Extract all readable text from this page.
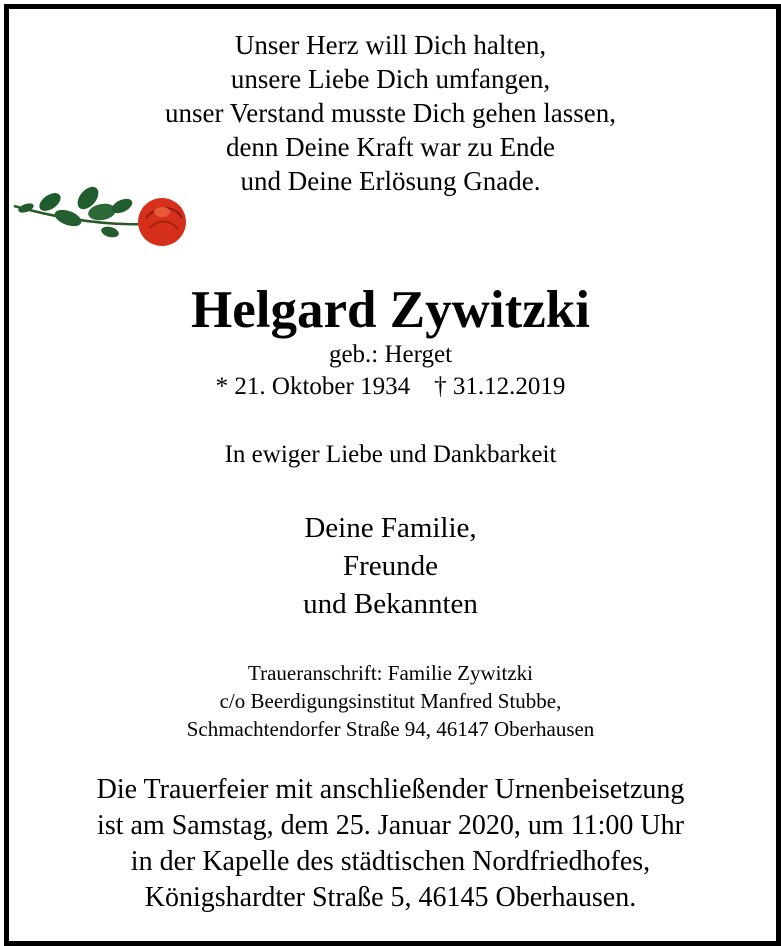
Unser Herz will Dich halten,
unsere Liebe Dich umfangen,
unser Verstand musste Dich gehen lassen,
denn Deine Kraft war zu Ende
und Deine Erlösung Gnade.
Helgard Zywitzki
geb.: Herget
* 21. Oktober 1934 † 31.12.2019
In ewiger Liebe und Dankbarkeit
Deine Familie,
Freunde
und Bekannten
Traueranschrift: Familie Zywitzki
c/o Beerdigungsinstitut Manfred Stubbe,
Schmachtendorfer Straße 94, 46147 Oberhausen
Die Trauerfeier mit anschließender Urnenbeisetzung
ist am Samstag, dem 25. Januar 2020, um 11:00 Uhr
in der Kapelle des städtischen Nordfriedhofes,
Königshardter Straße 5, 46145 Oberhausen.
